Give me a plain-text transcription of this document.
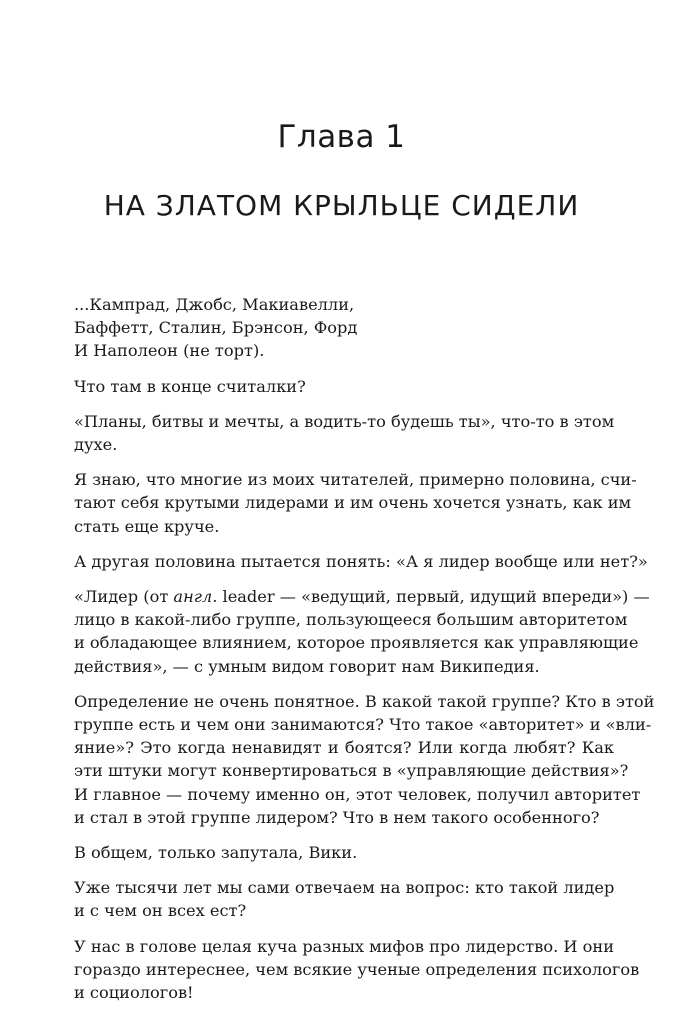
Глава 1
НА ЗЛАТОМ КРЫЛЬЦЕ СИДЕЛИ
...Кампрад, Джобс, Макиавелли,
Баффетт, Сталин, Брэнсон, Форд
И Наполеон (не торт).
Что там в конце считалки?
«Планы, битвы и мечты, а водить-то будешь ты», что-то в этом
духе.
Я знаю, что многие из моих читателей, примерно половина, счи-
тают себя крутыми лидерами и им очень хочется узнать, как им
стать еще круче.
А другая половина пытается понять: «А я лидер вообще или нет?»
«Лидер (от англ. leader — «ведущий, первый, идущий впереди») —
лицо в какой-либо группе, пользующееся большим авторитетом
и обладающее влиянием, которое проявляется как управляющие
действия», — с умным видом говорит нам Википедия.
Определение не очень понятное. В какой такой группе? Кто в этой
группе есть и чем они занимаются? Что такое «авторитет» и «вли-
яние»? Это когда ненавидят и боятся? Или когда любят? Как
эти штуки могут конвертироваться в «управляющие действия»?
И главное — почему именно он, этот человек, получил авторитет
и стал в этой группе лидером? Что в нем такого особенного?
В общем, только запутала, Вики.
Уже тысячи лет мы сами отвечаем на вопрос: кто такой лидер
и с чем он всех ест?
У нас в голове целая куча разных мифов про лидерство. И они
гораздо интереснее, чем всякие ученые определения психологов
и социологов!
